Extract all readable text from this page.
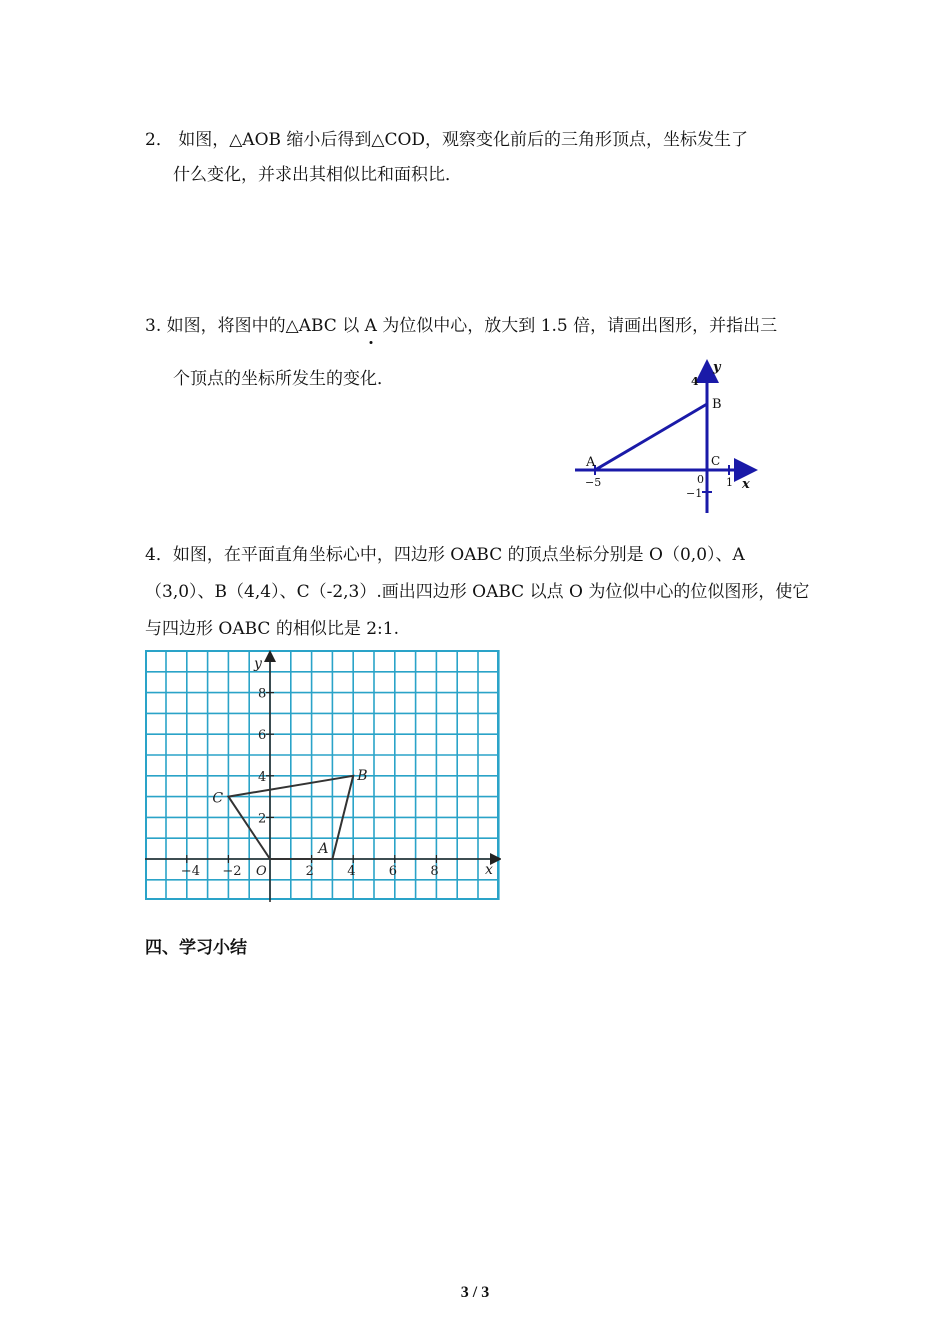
2． 如图，△AOB 缩小后得到△COD，观察变化前后的三角形顶点，坐标发生了
什么变化，并求出其相似比和面积比．
3. 如图，将图中的△ABC 以 A 为位似中心，放大到 1.5 倍，请画出图形，并指出三
个顶点的坐标所发生的变化．
y
4
B
A	C
−5	0 1 x
−1
4．如图，在平面直角坐标心中，四边形 OABC 的顶点坐标分别是 O（0,0）、A
（3,0）、B（4,4）、C（-2,3）.画出四边形 OABC 以点 O 为位似中心的位似图形，使它
与四边形 OABC 的相似比是 2:1.
−4 −2 O	2	4	6	8
2
4
6
8
A
B
C
x
y
四、学习小结
3 / 3
